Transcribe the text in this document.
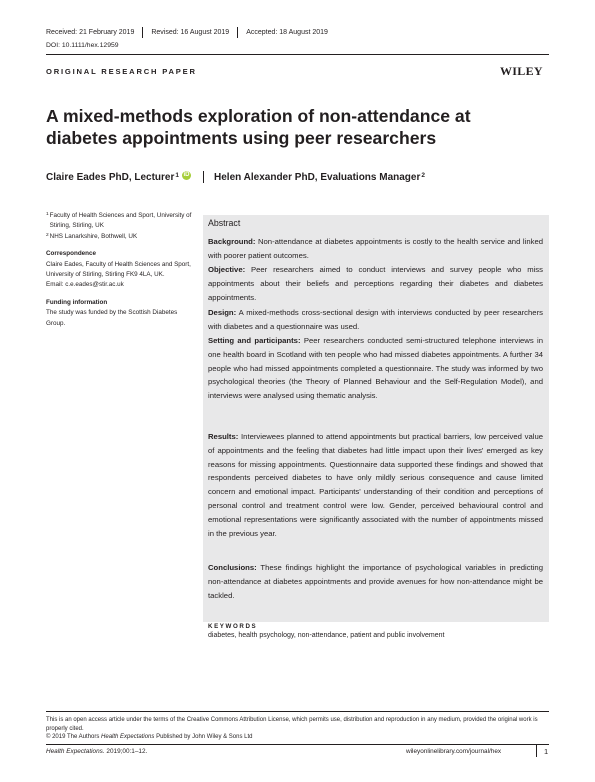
Received: 21 February 2019 Revised: 16 August 2019 Accepted: 18 August 2019
DOI: 10.1111/hex.12959
ORIGINAL RESEARCH PAPER	WILEY
A mixed-methods exploration of non-attendance at diabetes appointments using peer researchers
Claire Eades PhD, Lecturer$^1$ iD Helen Alexander PhD, Evaluations Manager$^2$
$^1$ Faculty of Health Sciences and Sport, University of Stirling, Stirling, UK
$^2$ NHS Lanarkshire, Bothwell, UK
Correspondence
Claire Eades, Faculty of Health Sciences and Sport, University of Stirling, Stirling FK9 4LA, UK.
Email: c.e.eades@stir.ac.uk
Funding information
The study was funded by the Scottish Diabetes Group.
Abstract
Background: Non-attendance at diabetes appointments is costly to the health service and linked with poorer patient outcomes.
Objective: Peer researchers aimed to conduct interviews and survey people who miss appointments about their beliefs and perceptions regarding their diabetes and diabetes appointments.
Design: A mixed-methods cross-sectional design with interviews conducted by peer researchers with diabetes and a questionnaire was used.
Setting and participants: Peer researchers conducted semi-structured telephone interviews in one health board in Scotland with ten people who had missed diabetes appointments. A further 34 people who had missed appointments completed a questionnaire. The study was informed by two psychological theories (the Theory of Planned Behaviour and the Self-Regulation Model), and interviews were analysed using thematic analysis.
Results: Interviewees planned to attend appointments but practical barriers, low perceived value of appointments and the feeling that diabetes had little impact upon their lives' emerged as key reasons for missing appointments. Questionnaire data supported these findings and showed that respondents perceived diabetes to have only mildly serious consequence and cause limited concern and emotional impact. Participants' understanding of their condition and perceptions of personal control and treatment control were low. Gender, perceived behavioural control and emotional representations were significantly associated with the number of appointments missed in the previous year.
Conclusions: These findings highlight the importance of psychological variables in predicting non-attendance at diabetes appointments and provide avenues for how non-attendance might be tackled.
KEYWORDS
diabetes, health psychology, non-attendance, patient and public involvement
This is an open access article under the terms of the Creative Commons Attribution License, which permits use, distribution and reproduction in any medium, provided the original work is properly cited.
© 2019 The Authors Health Expectations Published by John Wiley & Sons Ltd
Health Expectations. 2019;00:1–12.	wileyonlinelibrary.com/journal/hex	1
